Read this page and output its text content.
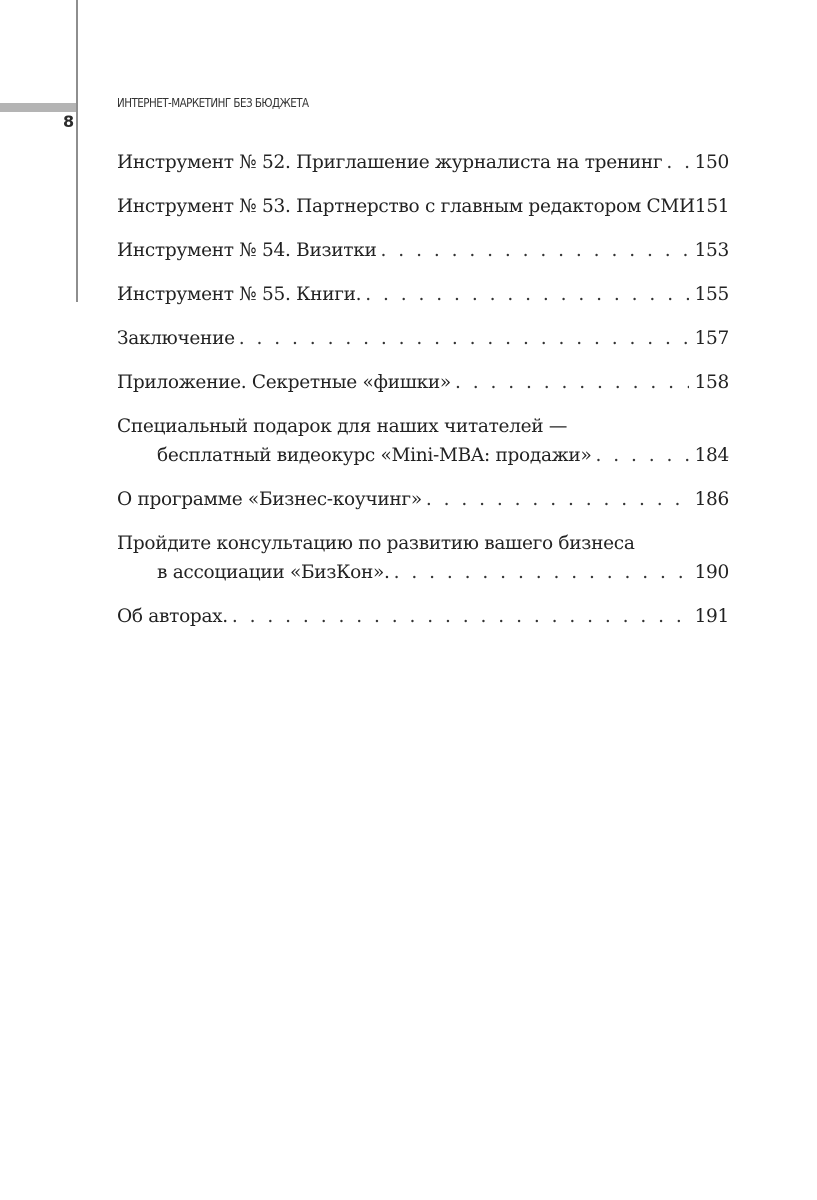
8
ИНТЕРНЕТ-МАРКЕТИНГ БЕЗ БЮДЖЕТА
Инструмент № 52. Приглашение журналиста на тренинг . . . 150
Инструмент № 53. Партнерство с главным редактором СМИ 151
Инструмент № 54. Визитки . . .	153
Инструмент № 55. Книги. . . .	155
Заключение . . .	157
Приложение. Секретные «фишки» . . .	158
Специальный подарок для наших читателей —
бесплатный видеокурс «Mini-MBA: продажи» . . .	184
О программе «Бизнес-коучинг» . . .	186
Пройдите консультацию по развитию вашего бизнеса
в ассоциации «БизКон». . . .	190
Об авторах. . . .	191
